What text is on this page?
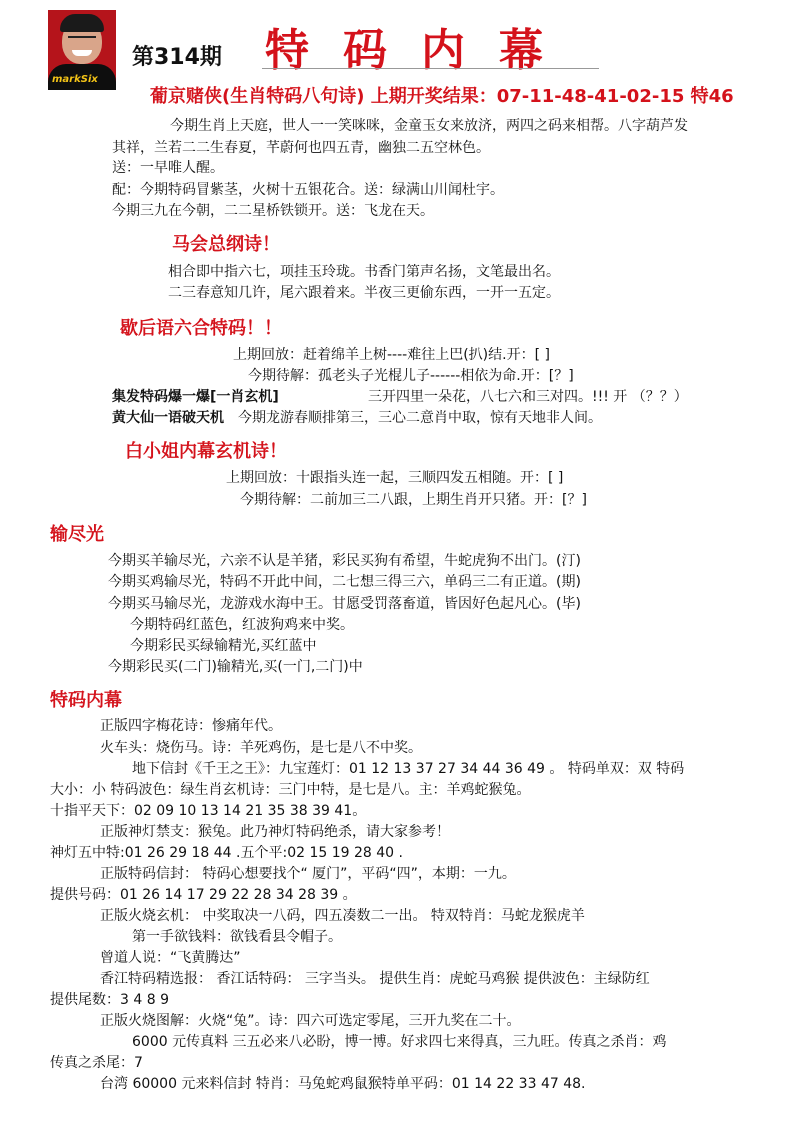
markSix
第314期 特码内幕
葡京赌侠(生肖特码八句诗) 上期开奖结果：07-11-48-41-02-15 特46
今期生肖上天庭，世人一一笑咪咪，金童玉女来放济，两四之码来相帮。八字葫芦发
其祥，兰若二二生春夏，芊蔚何也四五青，幽独二五空林色。
送：一早唯人醒。
配：今期特码冒紫茎，火树十五银花合。送：绿满山川闻杜宇。
今期三九在今朝，二二星桥铁锁开。送：飞龙在天。
马会总纲诗！
相合即中指六七，项挂玉玲珑。书香门第声名扬，文笔最出名。
二三春意知几许，尾六跟着来。半夜三更偷东西，一开一五定。
歇后语六合特码！！
上期回放：赶着绵羊上树----难往上巴(扒)结.开：[ ]
今期待解：孤老头子光棍儿子------相依为命.开：[？]
集发特码爆一爆[一肖玄机]	三开四里一朵花，八七六和三对四。!!! 开 （？？）
黄大仙一语破天机 今期龙游春顺排第三，三心二意肖中取，惊有天地非人间。
白小姐内幕玄机诗！
上期回放：十跟指头连一起，三顺四发五相随。开：[ ]
今期待解：二前加三二八跟，上期生肖开只猪。开：[？]
输尽光
今期买羊输尽光，六亲不认是羊猪，彩民买狗有希望，牛蛇虎狗不出门。(汀)
今期买鸡输尽光，特码不开此中间，二七想三得三六，单码三二有正道。(期)
今期买马输尽光，龙游戏水海中王。甘愿受罚落畜道，皆因好色起凡心。(毕)
今期特码红蓝色，红波狗鸡来中奖。
今期彩民买绿输精光,买红蓝中
今期彩民买(二门)输精光,买(一门,二门)中
特码内幕
正版四字梅花诗：惨痛年代。
火车头：烧伤马。诗：羊死鸡伤，是七是八不中奖。
地下信封《千王之王》：九宝莲灯：01 12 13 37 27 34 44 36 49 。 特码单双：双 特码
大小：小 特码波色：绿生肖玄机诗：三门中特，是七是八。主：羊鸡蛇猴兔。
十指平天下：02 09 10 13 14 21 35 38 39 41。
正版神灯禁支：猴兔。此乃神灯特码绝杀，请大家参考！
神灯五中特:01 26 29 18 44 .五个平:02 15 19 28 40 .
正版特码信封： 特码心想要找个“ 厦门”，平码“四”，本期：一九。
提供号码：01 26 14 17 29 22 28 34 28 39 。
正版火烧玄机： 中奖取决一八码，四五凑数二一出。 特双特肖：马蛇龙猴虎羊
第一手欲钱料：欲钱看县令帽子。
曾道人说：“飞黄腾达”
香江特码精选报： 香江话特码： 三字当头。 提供生肖：虎蛇马鸡猴 提供波色：主绿防红
提供尾数：3 4 8 9
正版火烧图解：火烧“兔”。诗：四六可选定零尾，三开九奖在二十。
6000 元传真料 三五必来八必盼，博一博。好求四七来得真，三九旺。传真之杀肖：鸡
传真之杀尾：7
台湾 60000 元来料信封 特肖：马兔蛇鸡鼠猴特单平码：01 14 22 33 47 48.
